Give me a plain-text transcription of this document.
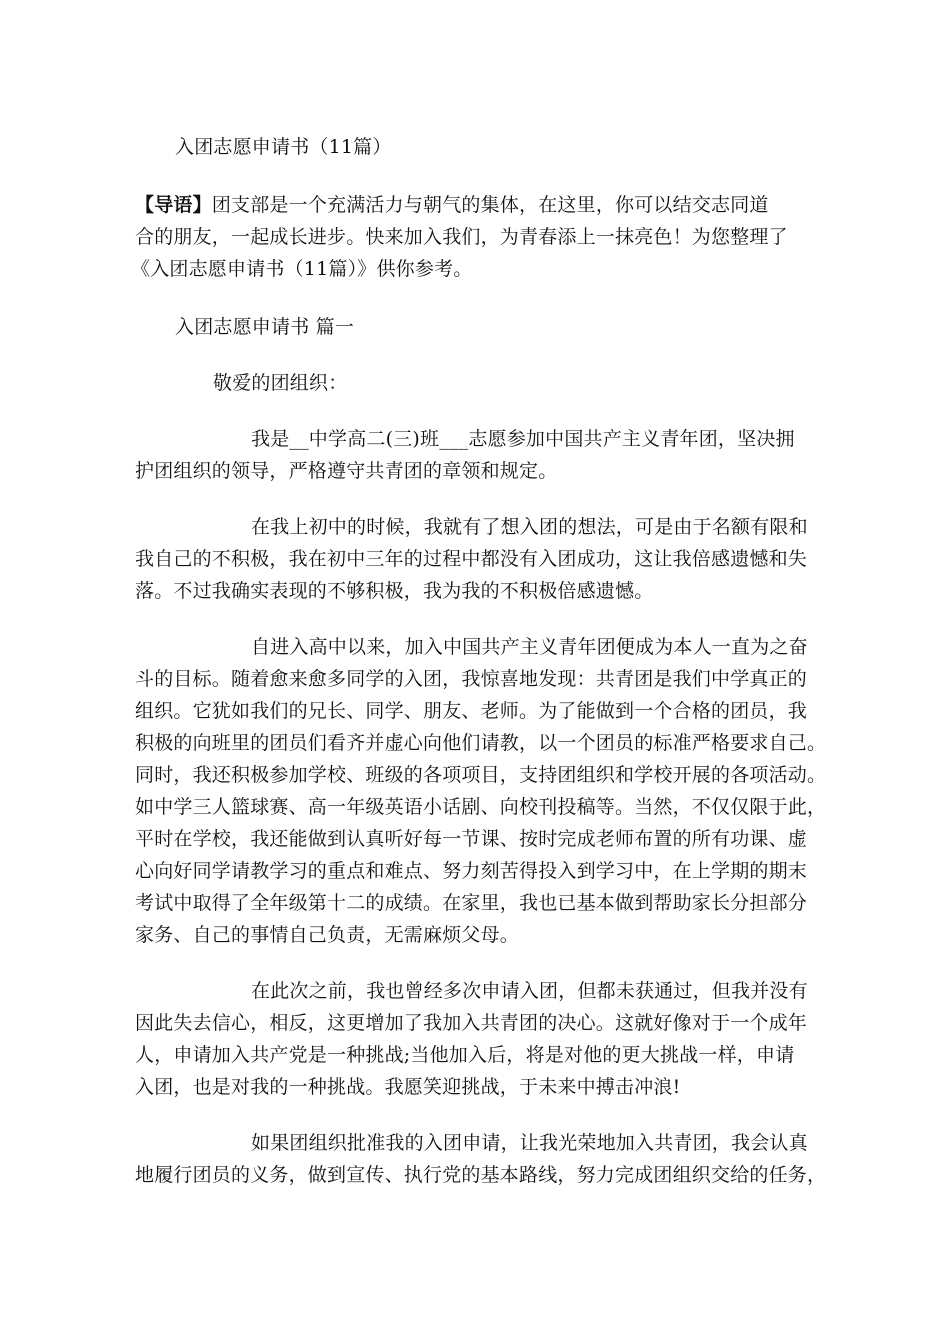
入团志愿申请书（11篇）
【导语】团支部是一个充满活力与朝气的集体，在这里，你可以结交志同道
合的朋友，一起成长进步。快来加入我们，为青春添上一抹亮色！为您整理了
《入团志愿申请书（11篇）》供你参考。
入团志愿申请书 篇一
敬爱的团组织：
我是__中学高二(三)班___志愿参加中国共产主义青年团，坚决拥
护团组织的领导，严格遵守共青团的章领和规定。
在我上初中的时候，我就有了想入团的想法，可是由于名额有限和
我自己的不积极，我在初中三年的过程中都没有入团成功，这让我倍感遗憾和失
落。不过我确实表现的不够积极，我为我的不积极倍感遗憾。
自进入高中以来，加入中国共产主义青年团便成为本人一直为之奋
斗的目标。随着愈来愈多同学的入团，我惊喜地发现：共青团是我们中学真正的
组织。它犹如我们的兄长、同学、朋友、老师。为了能做到一个合格的团员，我
积极的向班里的团员们看齐并虚心向他们请教，以一个团员的标准严格要求自己。
同时，我还积极参加学校、班级的各项项目，支持团组织和学校开展的各项活动。
如中学三人篮球赛、高一年级英语小话剧、向校刊投稿等。当然，不仅仅限于此，
平时在学校，我还能做到认真听好每一节课、按时完成老师布置的所有功课、虚
心向好同学请教学习的重点和难点、努力刻苦得投入到学习中，在上学期的期末
考试中取得了全年级第十二的成绩。在家里，我也已基本做到帮助家长分担部分
家务、自己的事情自己负责，无需麻烦父母。
在此次之前，我也曾经多次申请入团，但都未获通过，但我并没有
因此失去信心，相反，这更增加了我加入共青团的决心。这就好像对于一个成年
人，申请加入共产党是一种挑战;当他加入后，将是对他的更大挑战一样，申请
入团，也是对我的一种挑战。我愿笑迎挑战，于未来中搏击冲浪!
如果团组织批准我的入团申请，让我光荣地加入共青团，我会认真
地履行团员的义务，做到宣传、执行党的基本路线，努力完成团组织交给的任务，
